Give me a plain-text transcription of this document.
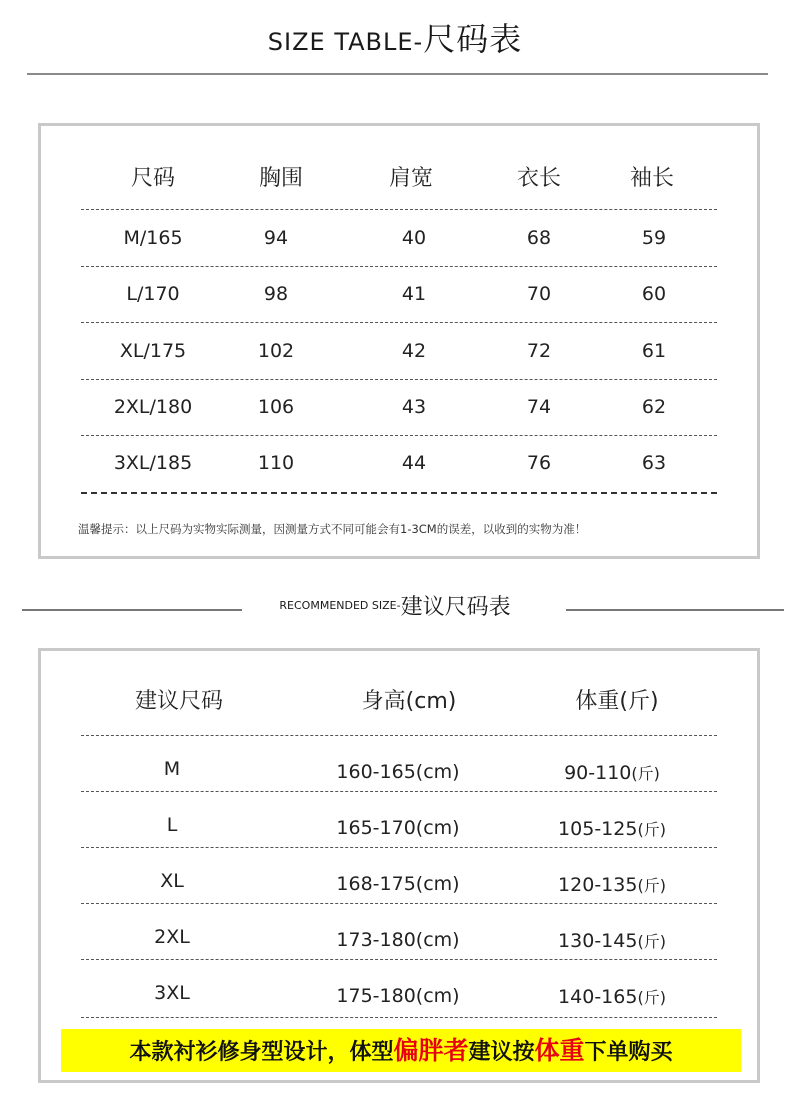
SIZE TABLE-尺码表
尺码	胸围	肩宽	衣长	袖长
M/165	94	40	68	59
L/170	98	41	70	60
XL/175	102	42	72	61
2XL/180	106	43	74	62
3XL/185	110	44	76	63
温馨提示：以上尺码为实物实际测量，因测量方式不同可能会有1-3CM的误差，以收到的实物为准！
RECOMMENDED SIZE-建议尺码表
建议尺码	身高(cm)	体重(斤)
M	160-165(cm)	90-110(斤)
L	165-170(cm)	105-125(斤)
XL	168-175(cm)	120-135(斤)
2XL	173-180(cm)	130-145(斤)
3XL	175-180(cm)	140-165(斤)
本款衬衫修身型设计，体型偏胖者建议按体重下单购买
